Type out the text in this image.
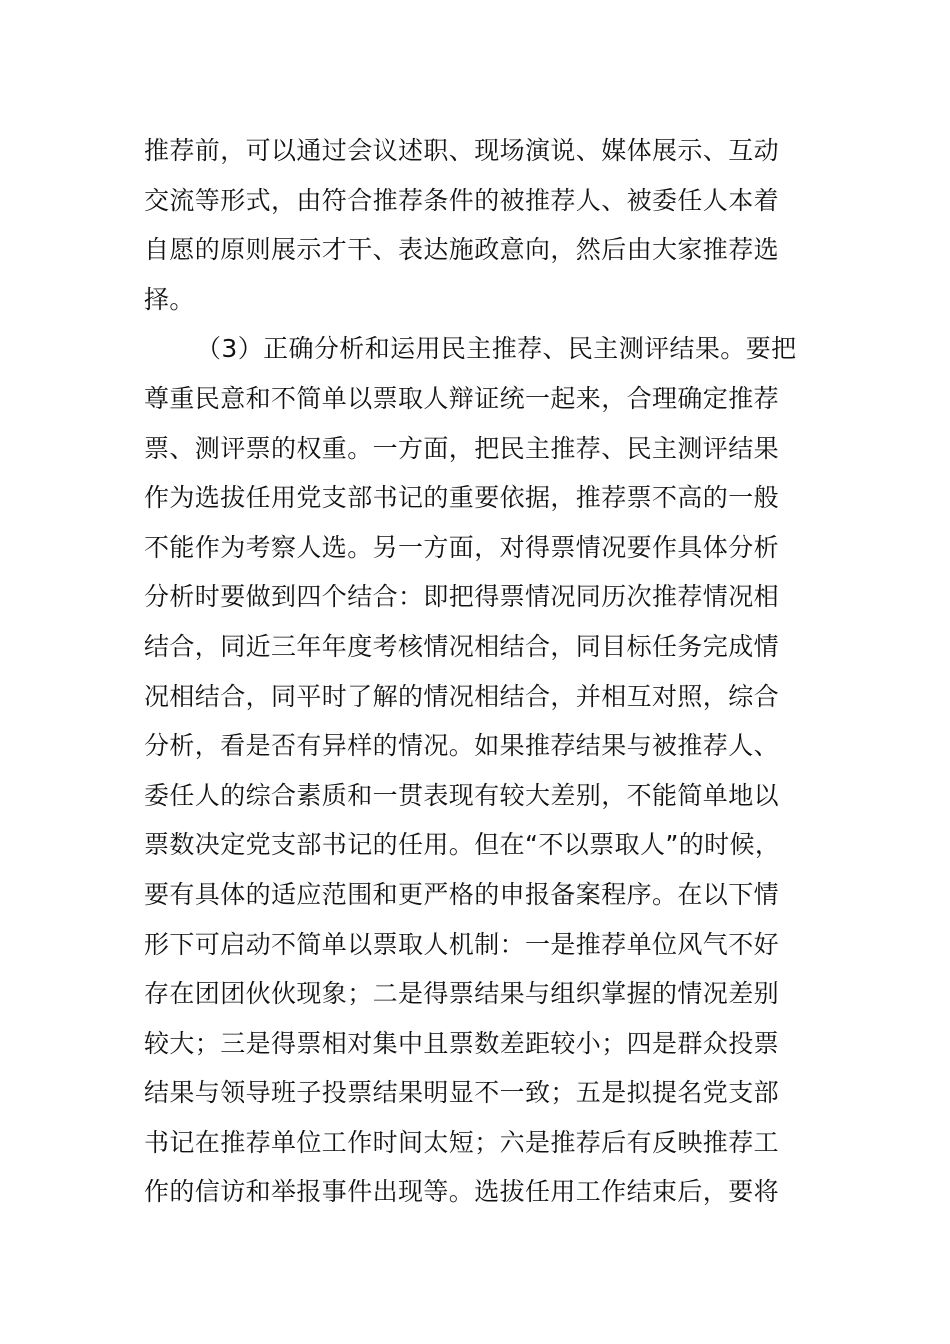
推荐前，可以通过会议述职、现场演说、媒体展示、互动
交流等形式，由符合推荐条件的被推荐人、被委任人本着
自愿的原则展示才干、表达施政意向，然后由大家推荐选
择。
（3）正确分析和运用民主推荐、民主测评结果。要把
尊重民意和不简单以票取人辩证统一起来，合理确定推荐
票、测评票的权重。一方面，把民主推荐、民主测评结果
作为选拔任用党支部书记的重要依据，推荐票不高的一般
不能作为考察人选。另一方面，对得票情况要作具体分析
分析时要做到四个结合：即把得票情况同历次推荐情况相
结合，同近三年年度考核情况相结合，同目标任务完成情
况相结合，同平时了解的情况相结合，并相互对照，综合
分析，看是否有异样的情况。如果推荐结果与被推荐人、
委任人的综合素质和一贯表现有较大差别，不能简单地以
票数决定党支部书记的任用。但在“不以票取人”的时候，
要有具体的适应范围和更严格的申报备案程序。在以下情
形下可启动不简单以票取人机制：一是推荐单位风气不好
存在团团伙伙现象；二是得票结果与组织掌握的情况差别
较大；三是得票相对集中且票数差距较小；四是群众投票
结果与领导班子投票结果明显不一致；五是拟提名党支部
书记在推荐单位工作时间太短；六是推荐后有反映推荐工
作的信访和举报事件出现等。选拔任用工作结束后，要将
